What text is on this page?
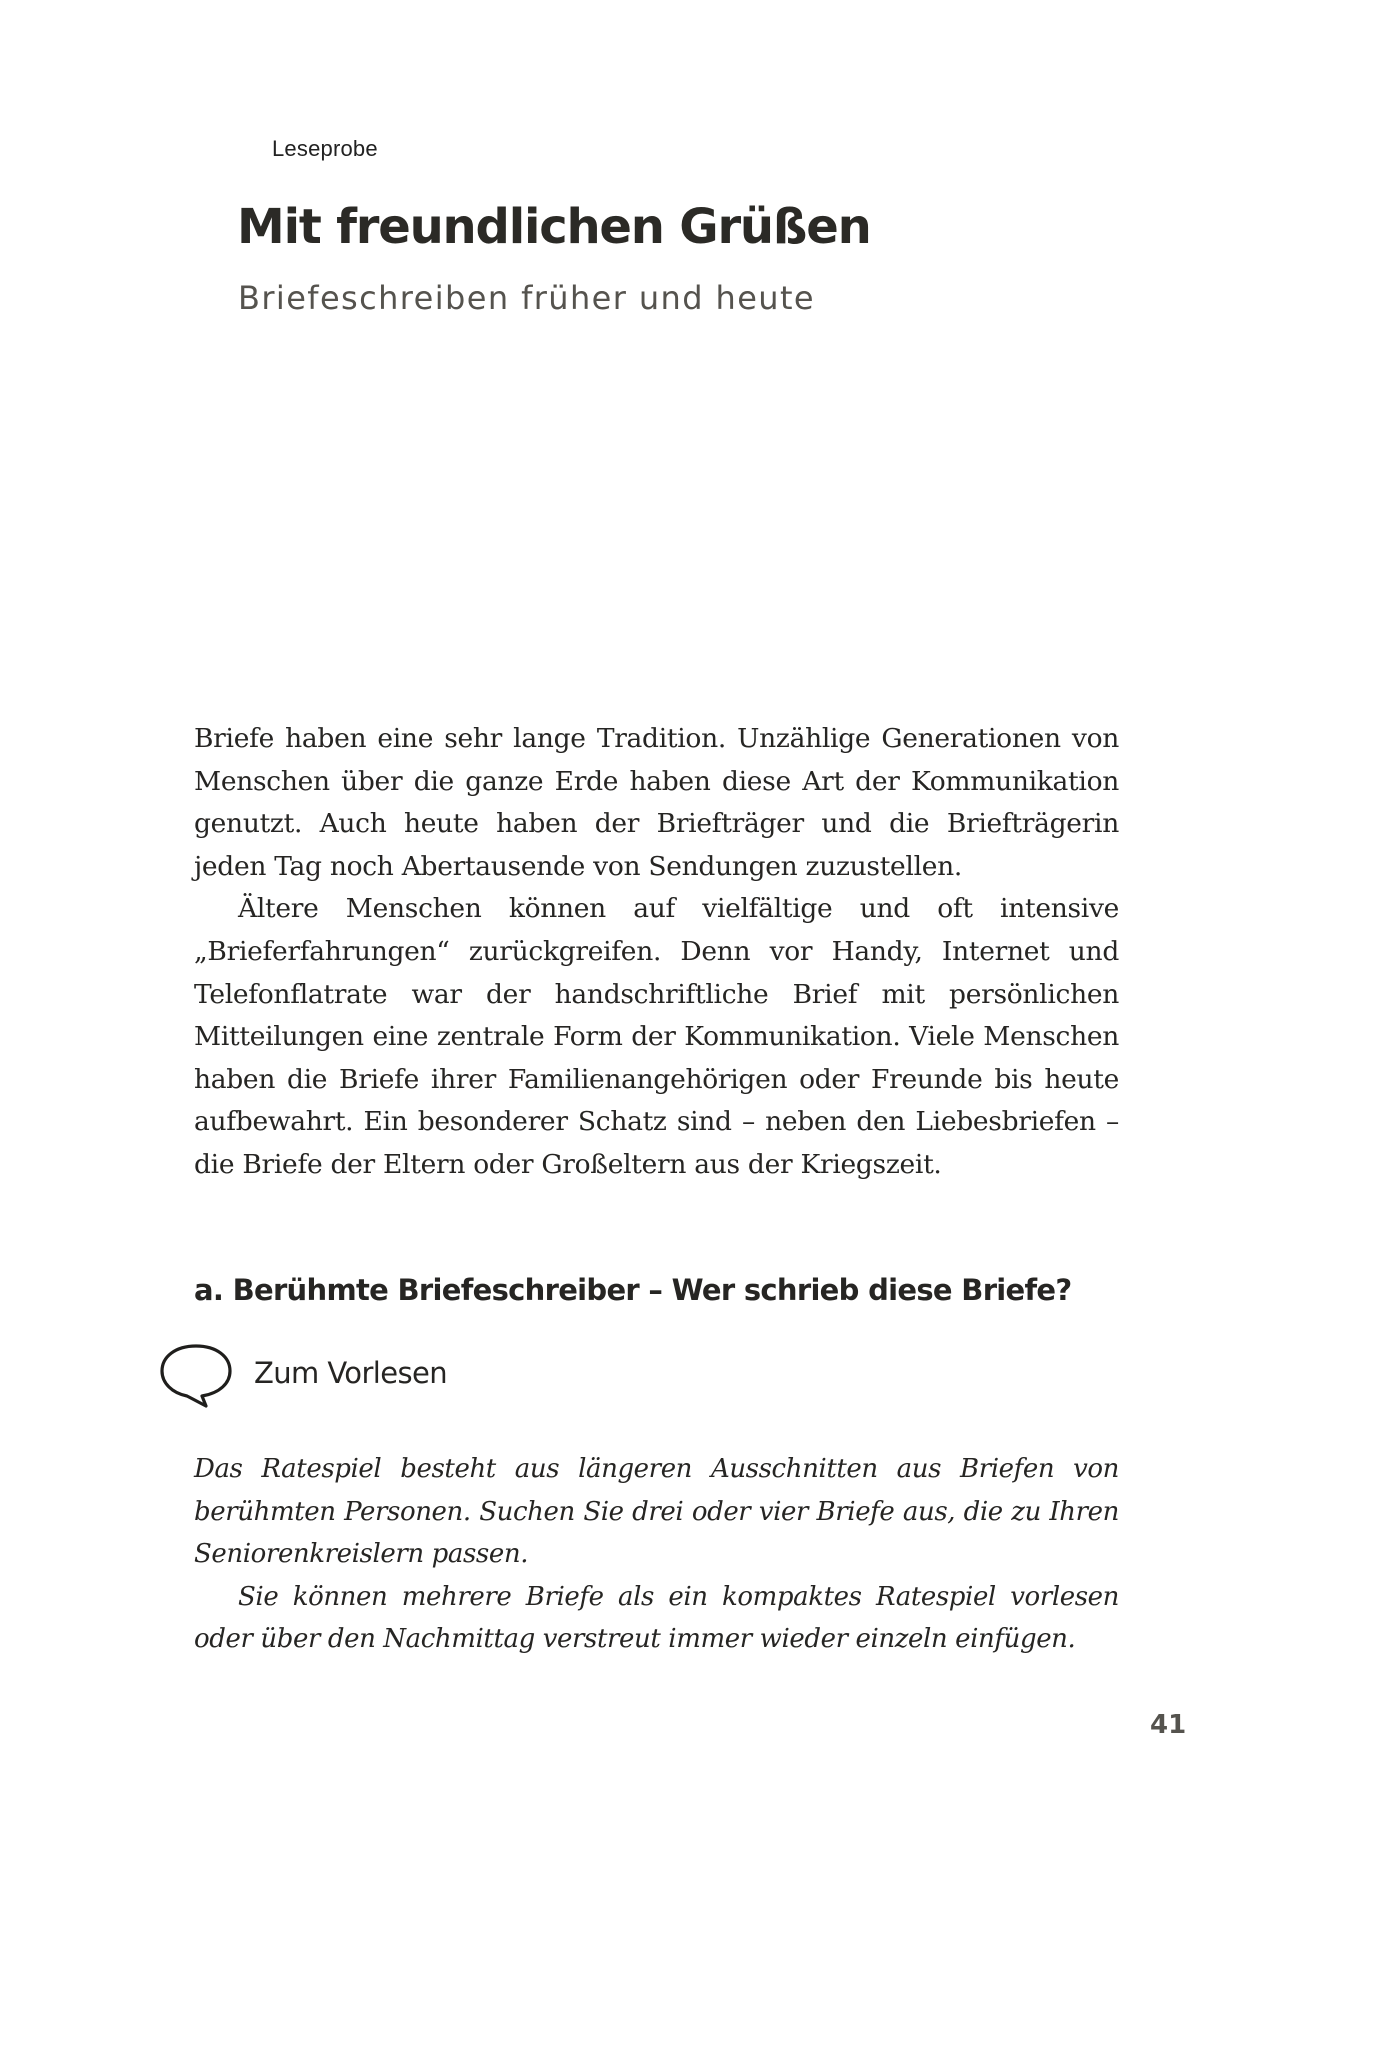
Leseprobe
Mit freundlichen Grüßen
Briefeschreiben früher und heute

Briefe haben eine sehr lange Tradition. Unzählige Generationen von Menschen über die ganze Erde haben diese Art der Kommunikation genutzt. Auch heute haben der Briefträger und die Briefträgerin jeden Tag noch Abertausende von Sendungen zuzustellen.

Ältere Menschen können auf vielfältige und oft intensive „Brieferfahrungen“ zurückgreifen. Denn vor Handy, Internet und Telefonflatrate war der handschriftliche Brief mit persönlichen Mitteilungen eine zentrale Form der Kommunikation. Viele Menschen haben die Briefe ihrer Familienangehörigen oder Freunde bis heute aufbewahrt. Ein besonderer Schatz sind – neben den Liebesbriefen – die Briefe der Eltern oder Großeltern aus der Kriegszeit.

a. Berühmte Briefeschreiber – Wer schrieb diese Briefe?
Zum Vorlesen

Das Ratespiel besteht aus längeren Ausschnitten aus Briefen von berühmten Personen. Suchen Sie drei oder vier Briefe aus, die zu Ihren Seniorenkreislern passen.

Sie können mehrere Briefe als ein kompaktes Ratespiel vorlesen oder über den Nachmittag verstreut immer wieder einzeln einfügen.

41
